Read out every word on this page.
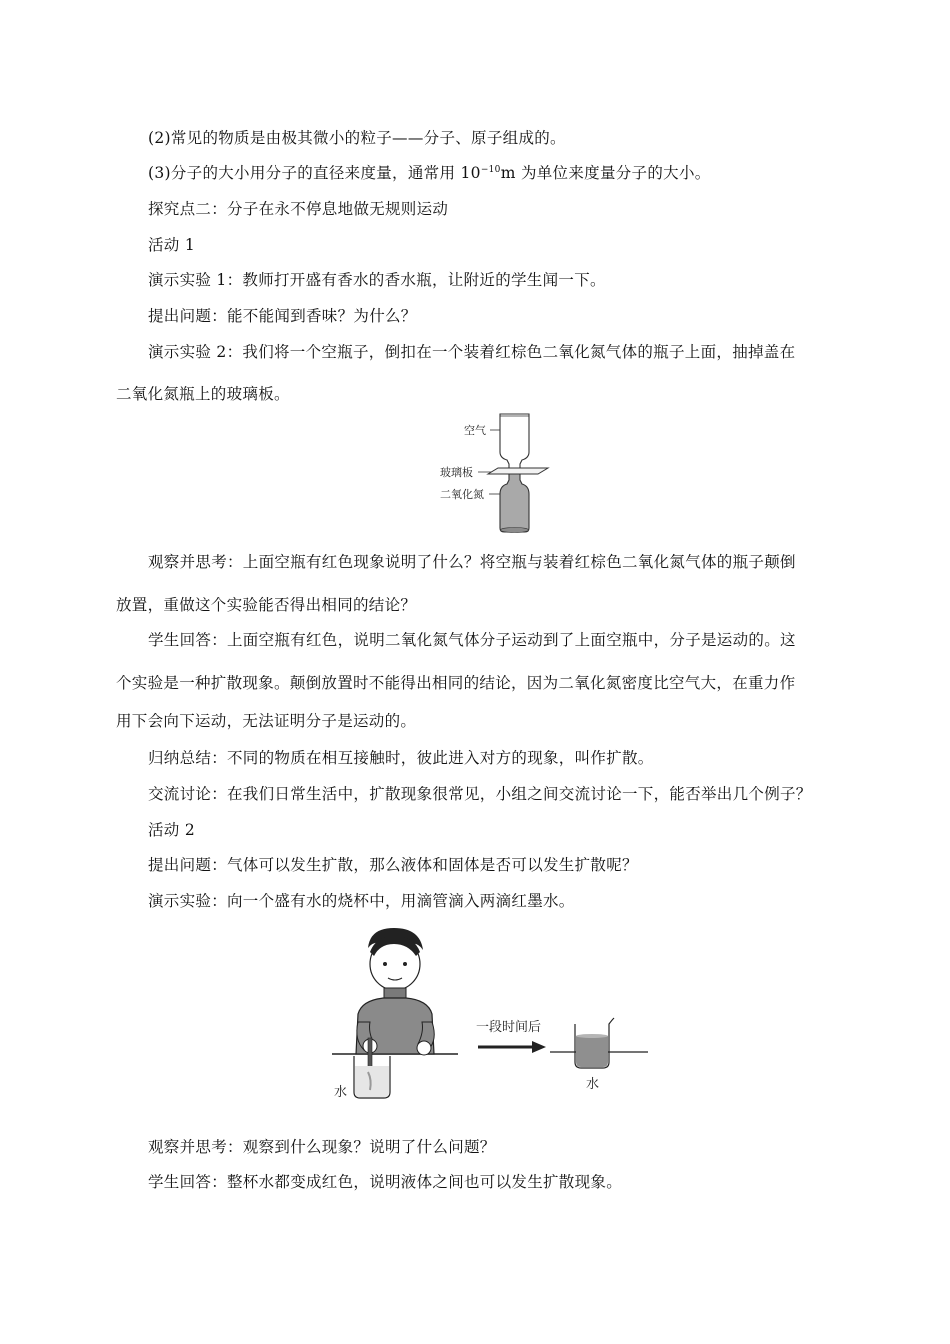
(2)常见的物质是由极其微小的粒子——分子、原子组成的。
(3)分子的大小用分子的直径来度量，通常用 $10^{-10}m$ 为单位来度量分子的大小。
探究点二：分子在永不停息地做无规则运动
活动 1
演示实验 1：教师打开盛有香水的香水瓶，让附近的学生闻一下。
提出问题：能不能闻到香味？为什么？
演示实验 2：我们将一个空瓶子，倒扣在一个装着红棕色二氧化氮气体的瓶子上面，抽掉盖在
二氧化氮瓶上的玻璃板。
空气
玻璃板
二氧化氮
观察并思考：上面空瓶有红色现象说明了什么？将空瓶与装着红棕色二氧化氮气体的瓶子颠倒
放置，重做这个实验能否得出相同的结论？
学生回答：上面空瓶有红色，说明二氧化氮气体分子运动到了上面空瓶中，分子是运动的。这
个实验是一种扩散现象。颠倒放置时不能得出相同的结论，因为二氧化氮密度比空气大，在重力作
用下会向下运动，无法证明分子是运动的。
归纳总结：不同的物质在相互接触时，彼此进入对方的现象，叫作扩散。
交流讨论：在我们日常生活中，扩散现象很常见，小组之间交流讨论一下，能否举出几个例子？
活动 2
提出问题：气体可以发生扩散，那么液体和固体是否可以发生扩散呢？
演示实验：向一个盛有水的烧杯中，用滴管滴入两滴红墨水。
水
一段时间后
水
观察并思考：观察到什么现象？说明了什么问题？
学生回答：整杯水都变成红色，说明液体之间也可以发生扩散现象。
